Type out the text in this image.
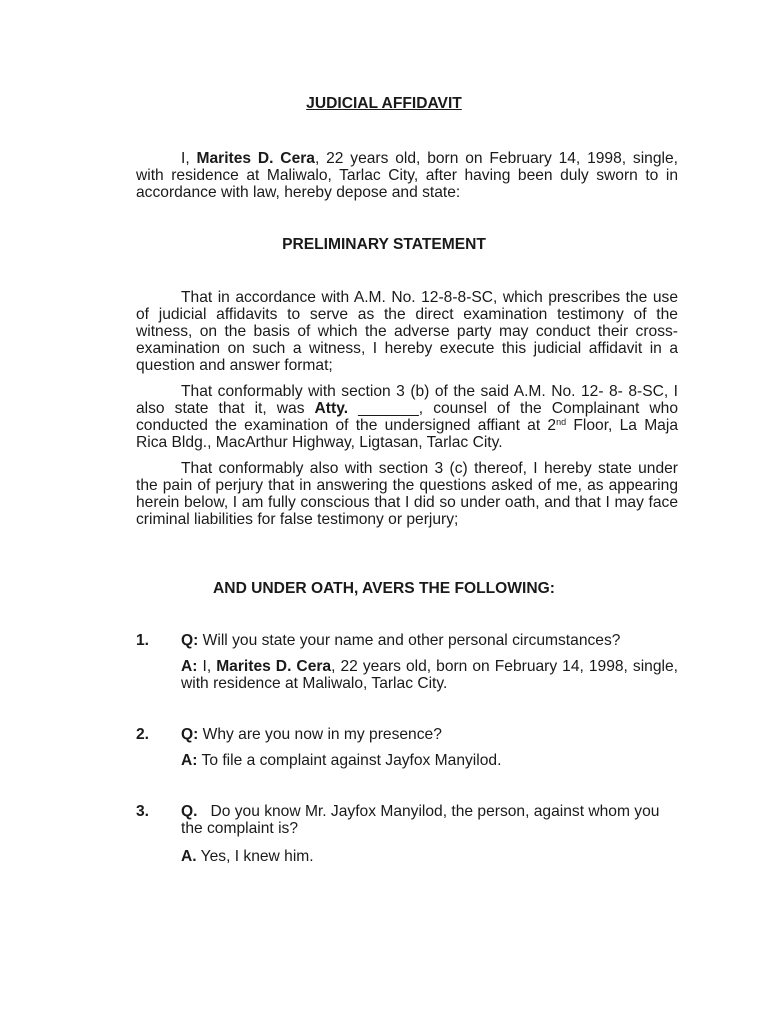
JUDICIAL AFFIDAVIT
I, Marites D. Cera, 22 years old, born on February 14, 1998, single, with residence at Maliwalo, Tarlac City, after having been duly sworn to in accordance with law, hereby depose and state:
PRELIMINARY STATEMENT
That in accordance with A.M. No. 12-8-8-SC, which prescribes the use of judicial affidavits to serve as the direct examination testimony of the witness, on the basis of which the adverse party may conduct their cross-examination on such a witness, I hereby execute this judicial affidavit in a question and answer format;
That conformably with section 3 (b) of the said A.M. No. 12- 8- 8-SC, I also state that it, was Atty. _______, counsel of the Complainant who conducted the examination of the undersigned affiant at 2nd Floor, La Maja Rica Bldg., MacArthur Highway, Ligtasan, Tarlac City.
That conformably also with section 3 (c) thereof, I hereby state under the pain of perjury that in answering the questions asked of me, as appearing herein below, I am fully conscious that I did so under oath, and that I may face criminal liabilities for false testimony or perjury;
AND UNDER OATH, AVERS THE FOLLOWING:
1. Q: Will you state your name and other personal circumstances?
A: I, Marites D. Cera, 22 years old, born on February 14, 1998, single, with residence at Maliwalo, Tarlac City.
2. Q: Why are you now in my presence?
A: To file a complaint against Jayfox Manyilod.
3. Q.   Do you know Mr. Jayfox Manyilod, the person, against whom you the complaint is?
A. Yes, I knew him.
